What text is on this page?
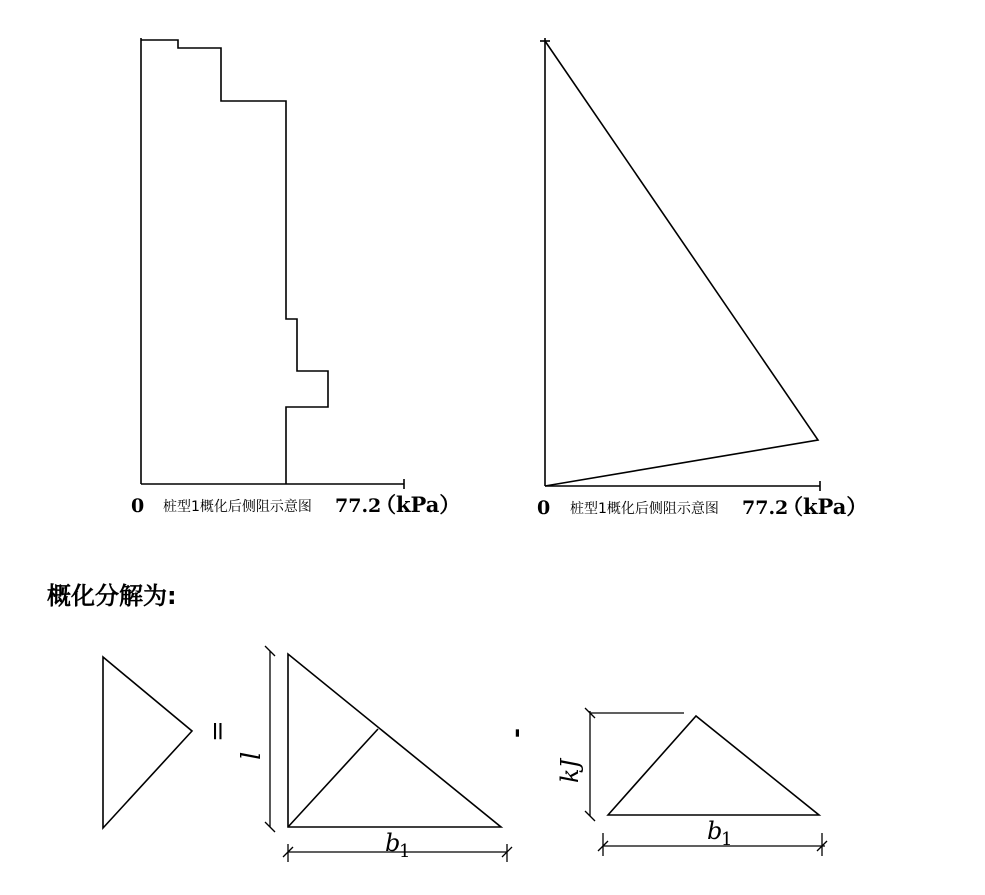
0 桩型1概化后侧阻示意图 77.2
（kPa）	0 桩型1概化后侧阻示意图 77.2
（kPa）
概化分解为:
=
l
b
1
-
kJ
b
1
